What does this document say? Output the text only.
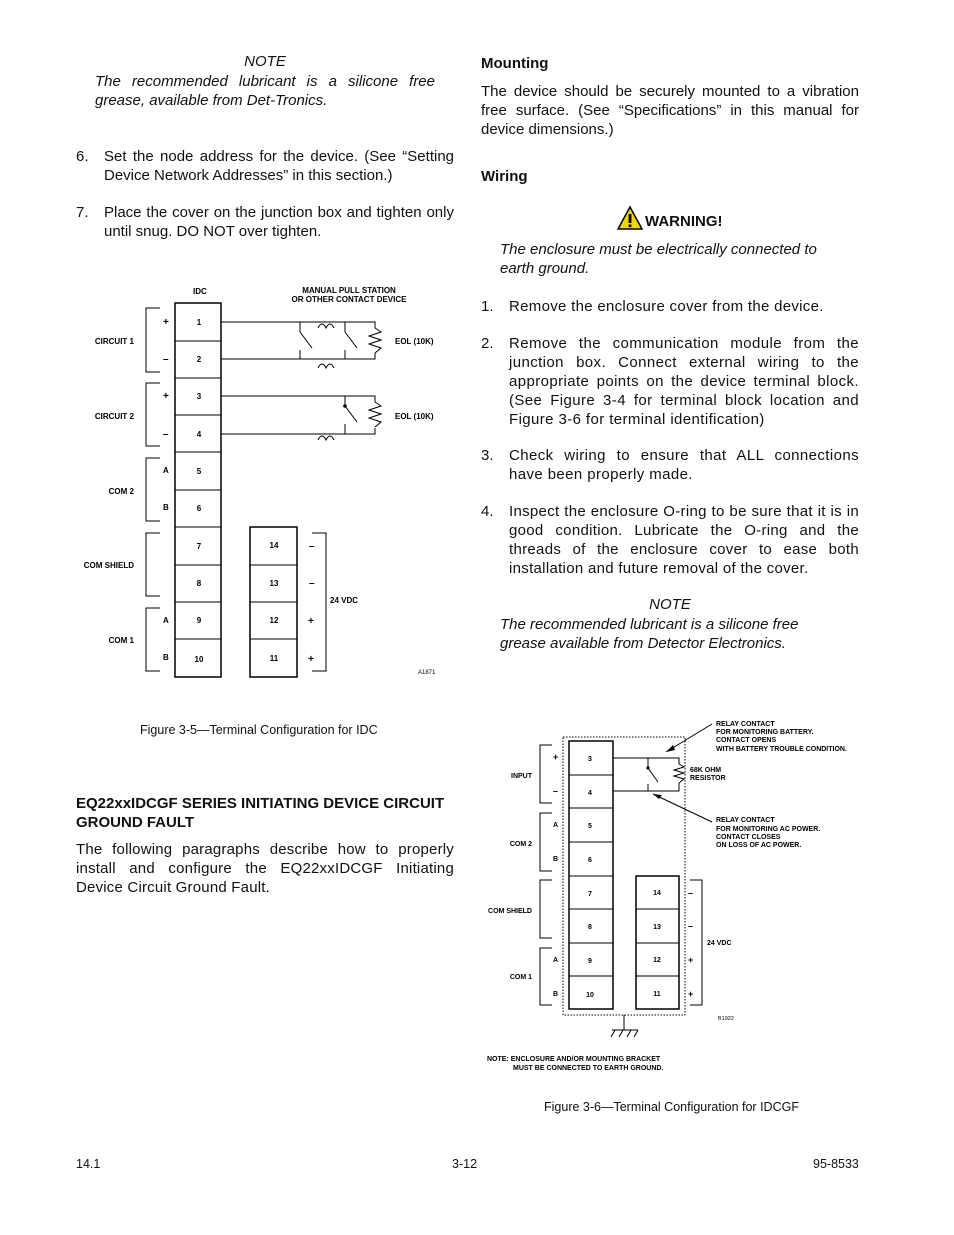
NOTE
The recommended lubricant is a silicone free grease, available from Det-Tronics.
6. Set the node address for the device. (See “Setting Device Network Addresses” in this section.)
7. Place the cover on the junction box and tighten only until snug. DO NOT over tighten.
IDC	MANUAL PULL STATION
OR OTHER CONTACT DEVICE
CIRCUIT 1
CIRCUIT 2
COM 2
COM SHIELD
COM 1
EOL (10K)
EOL (10K)
24 VDC
+
–
+
–
A
B
A
B
1
2
3
4
5
6
7
8
9
10
14
13
12
11
–
–
+
+
A1871
Figure 3-5—Terminal Configuration for IDC
EQ22xxIDCGF SERIES INITIATING DEVICE CIRCUIT GROUND FAULT
The following paragraphs describe how to properly install and configure the EQ22xxIDCGF Initiating Device Circuit Ground Fault.
Mounting
The device should be securely mounted to a vibration free surface. (See “Specifications” in this manual for device dimensions.)
Wiring
WARNING!
The enclosure must be electrically connected to earth ground.
1. Remove the enclosure cover from the device.
2. Remove the communication module from the junction box. Connect external wiring to the appropriate points on the device terminal block. (See Figure 3-4 for terminal block location and Figure 3-6 for terminal identification)
3. Check wiring to ensure that ALL connections have been properly made.
4. Inspect the enclosure O-ring to be sure that it is in good condition. Lubricate the O-ring and the threads of the enclosure cover to ease both installation and future removal of the cover.
NOTE
The recommended lubricant is a silicone free grease available from Detector Electronics.
RELAY CONTACT
FOR MONITORING BATTERY.
CONTACT OPENS
WITH BATTERY TROUBLE CONDITION.
68K OHM
RESISTOR
RELAY CONTACT
FOR MONITORING AC POWER.
CONTACT CLOSES
ON LOSS OF AC POWER.
INPUT
COM 2
COM SHIELD
COM 1
24 VDC
+
–
A
B
A
B
3
4
5
6
7
8
9
10
14
13
12
11
–
–
+
+
B1922
NOTE: ENCLOSURE AND/OR MOUNTING BRACKET
MUST BE CONNECTED TO EARTH GROUND.
Figure 3-6—Terminal Configuration for IDCGF
14.1	3-12	95-8533
